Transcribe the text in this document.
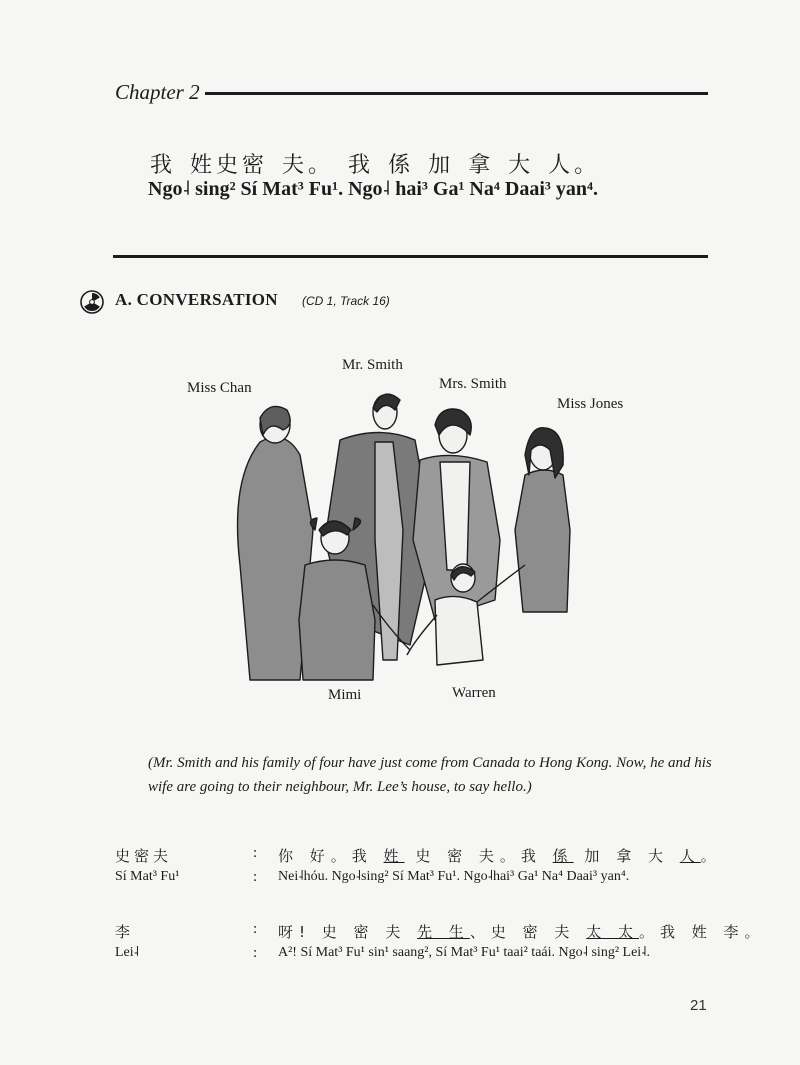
Chapter 2
我 姓史密 夫。 我 係 加 拿 大 人。
Ngo˨ sing² Sí Mat³ Fu¹. Ngo˨ hai³ Ga¹ Na⁴ Daai³ yan⁴.
A. CONVERSATION (CD 1, Track 16)
Miss Chan
Mr. Smith
Mrs. Smith
Miss Jones
Mimi	Warren
(Mr. Smith and his family of four have just come from Canada to Hong Kong. Now, he and his wife are going to their neighbour, Mr. Lee’s house, to say hello.)
史密夫	: 你 好。我 姓 史 密 夫。我 係 加 拿 大 人。
Sí Mat³ Fu¹	: Nei˨hóu. Ngo˨sing² Sí Mat³ Fu¹. Ngo˨hai³ Ga¹ Na⁴ Daai³ yan⁴.
李	: 呀! 史 密 夫 先 生、史 密 夫 太 太。我 姓 李。
Lei˨	: A²! Sí Mat³ Fu¹ sin¹ saang², Sí Mat³ Fu¹ taai² taái. Ngo˨ sing² Lei˨.
21
